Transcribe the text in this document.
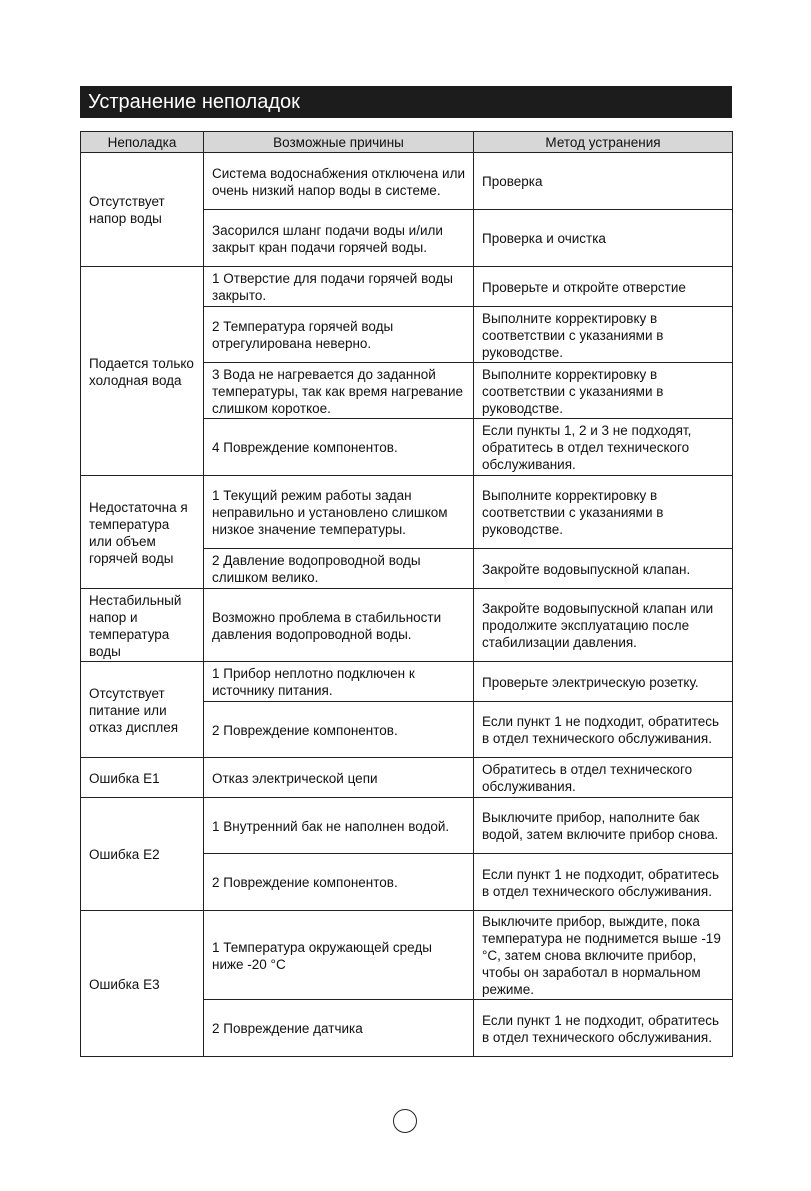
Устранение неполадок
Неполадка	Возможные причины	Метод устранения
Отсутствует напор воды	Система водоснабжения отключена или очень низкий напор воды в системе.	Проверка
	Засорился шланг подачи воды и/или закрыт кран подачи горячей воды.	Проверка и очистка
Подается только холодная вода	1 Отверстие для подачи горячей воды закрыто.	Проверьте и откройте отверстие
	2 Температура горячей воды отрегулирована неверно.	Выполните корректировку в соответствии с указаниями в руководстве.
	3 Вода не нагревается до заданной температуры, так как время нагревание слишком короткое.	Выполните корректировку в соответствии с указаниями в руководстве.
	4 Повреждение компонентов.	Если пункты 1, 2 и 3 не подходят, обратитесь в отдел технического обслуживания.
Недостаточна я температура или объем горячей воды	1 Текущий режим работы задан неправильно и установлено слишком низкое значение температуры.	Выполните корректировку в соответствии с указаниями в руководстве.
	2 Давление водопроводной воды слишком велико.	Закройте водовыпускной клапан.
Нестабильный напор и температура воды	Возможно проблема в стабильности давления водопроводной воды.	Закройте водовыпускной клапан или продолжите эксплуатацию после стабилизации давления.
Отсутствует питание или отказ дисплея	1 Прибор неплотно подключен к источнику питания.	Проверьте электрическую розетку.
	2 Повреждение компонентов.	Если пункт 1 не подходит, обратитесь в отдел технического обслуживания.
Ошибка Е1	Отказ электрической цепи	Обратитесь в отдел технического обслуживания.
Ошибка Е2	1 Внутренний бак не наполнен водой.	Выключите прибор, наполните бак водой, затем включите прибор снова.
	2 Повреждение компонентов.	Если пункт 1 не подходит, обратитесь в отдел технического обслуживания.
Ошибка Е3	1 Температура окружающей среды ниже -20 °С	Выключите прибор, выждите, пока температура не поднимется выше -19 °С, затем снова включите прибор, чтобы он заработал в нормальном режиме.
	2 Повреждение датчика	Если пункт 1 не подходит, обратитесь в отдел технического обслуживания.
